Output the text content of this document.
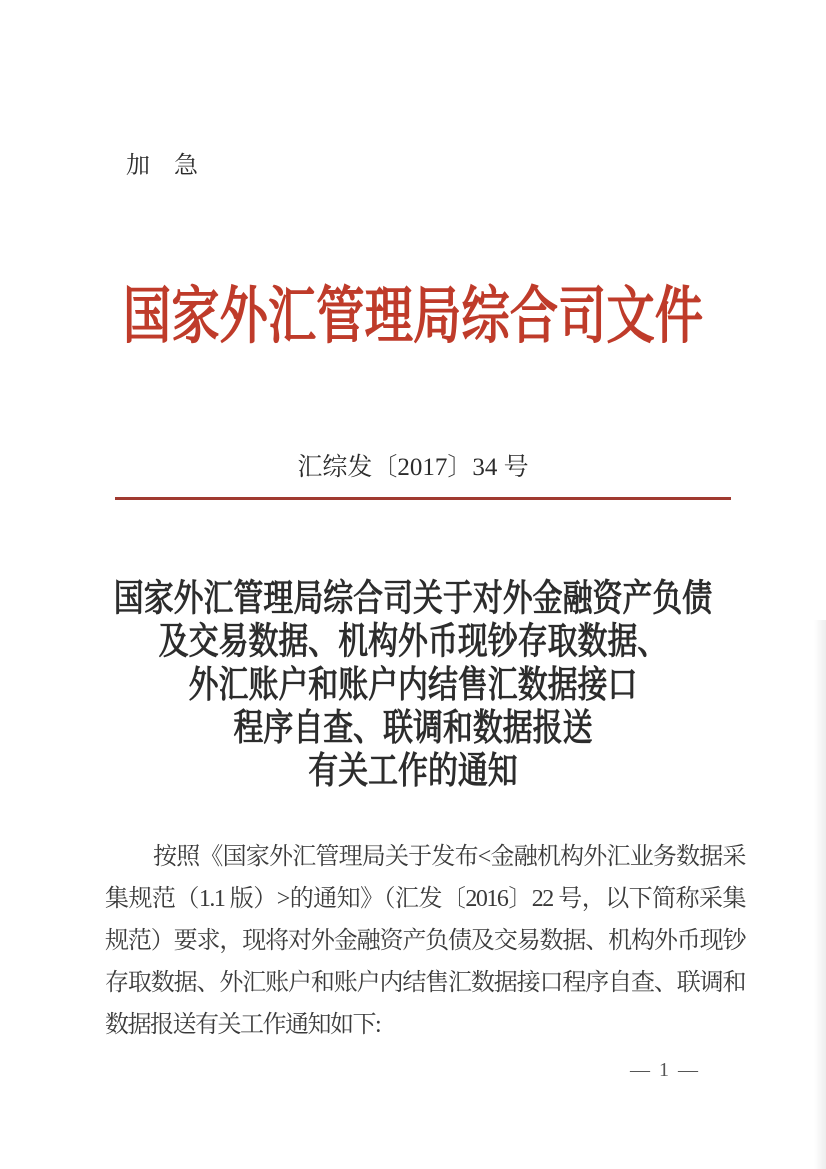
加　急
国家外汇管理局综合司文件
汇综发〔2017〕34 号
国家外汇管理局综合司关于对外金融资产负债
及交易数据、机构外币现钞存取数据、
外汇账户和账户内结售汇数据接口
程序自查、联调和数据报送
有关工作的通知
按照《国家外汇管理局关于发布<金融机构外汇业务数据采
集规范（1.1 版）>的通知》（汇发〔2016〕22 号，以下简称采集
规范）要求，现将对外金融资产负债及交易数据、机构外币现钞
存取数据、外汇账户和账户内结售汇数据接口程序自查、联调和
数据报送有关工作通知如下:
— 1 —
